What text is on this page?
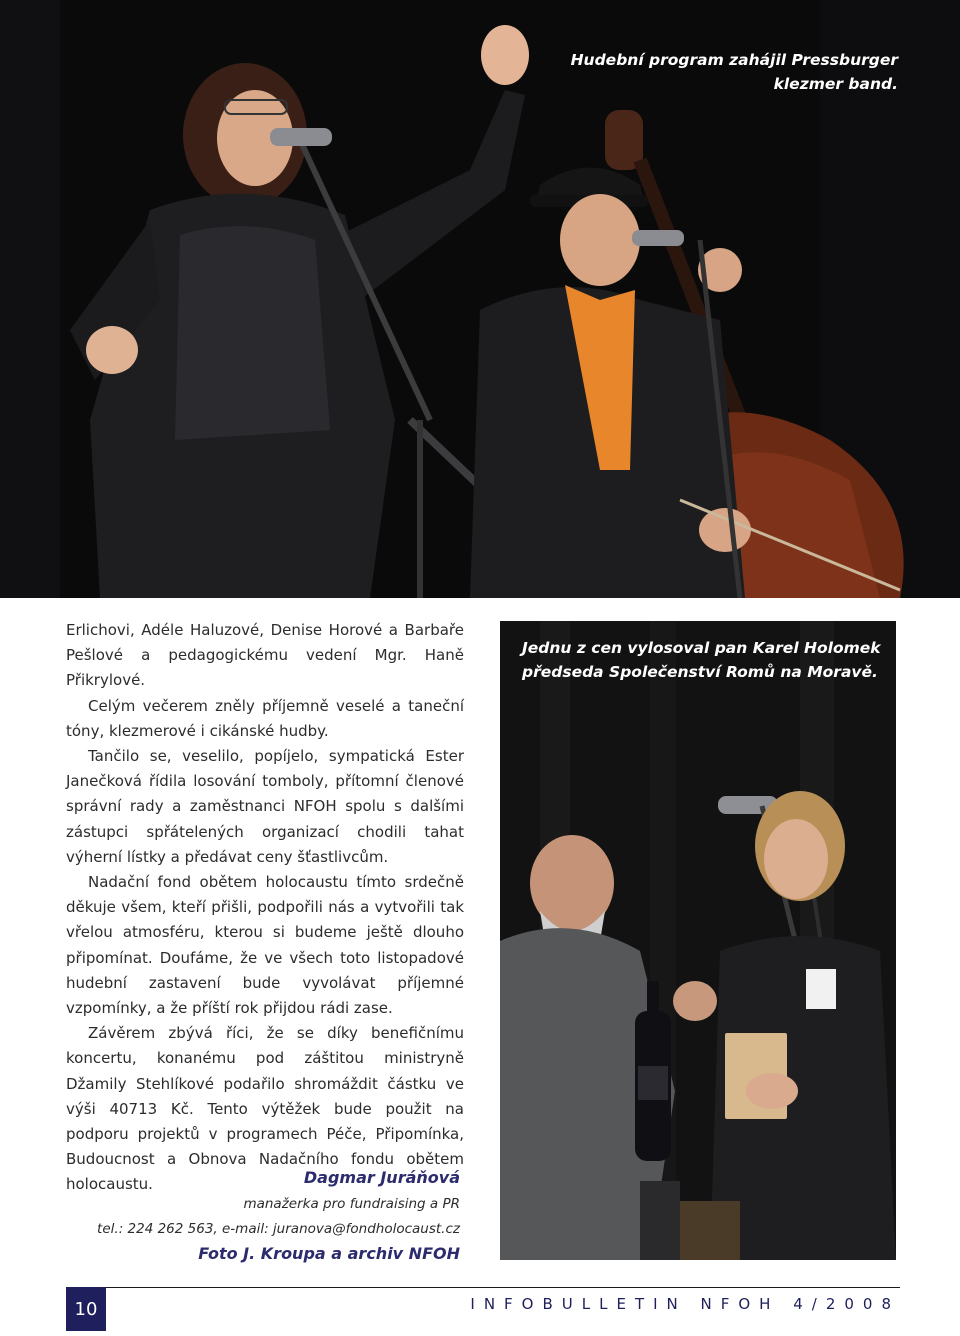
Hudební program zahájil Pressburger klezmer band.

Erlichovi, Adéle Haluzové, Denise Horové a Barbaře Pešlové a pedagogickému vedení Mgr. Haně Přikrylové.

Celým večerem zněly příjemně veselé a taneční tóny, klezmerové i cikánské hudby.

Tančilo se, veselilo, popíjelo, sympatická Ester Janečková řídila losování tomboly, přítomní členové správní rady a zaměstnanci NFOH spolu s dalšími zástupci spřátelených organizací chodili tahat výherní lístky a předávat ceny šťastlivcům.

Nadační fond obětem holocaustu tímto srdečně děkuje všem, kteří přišli, podpořili nás a vytvořili tak vřelou atmosféru, kterou si budeme ještě dlouho připomínat. Doufáme, že ve všech toto listopadové hudební zastavení bude vyvolávat příjemné vzpomínky, a že příští rok přijdou rádi zase.

Závěrem zbývá říci, že se díky benefičnímu koncertu, konanému pod záštitou ministryně Džamily Stehlíkové podařilo shromáždit částku ve výši 40713 Kč. Tento výtěžek bude použit na podporu projektů v programech Péče, Připomínka, Budoucnost a Obnova Nadačního fondu obětem holocaustu.	Dagmar Juráňová
manažerka pro fundraising a PR
tel.: 224 262 563, e-mail: juranova@fondholocaust.cz
Foto J. Kroupa a archiv NFOH
Jednu z cen vylosoval pan Karel Holomek předseda Společenství Romů na Moravě.
10	INFOBULLETIN NFOH 4/2008
